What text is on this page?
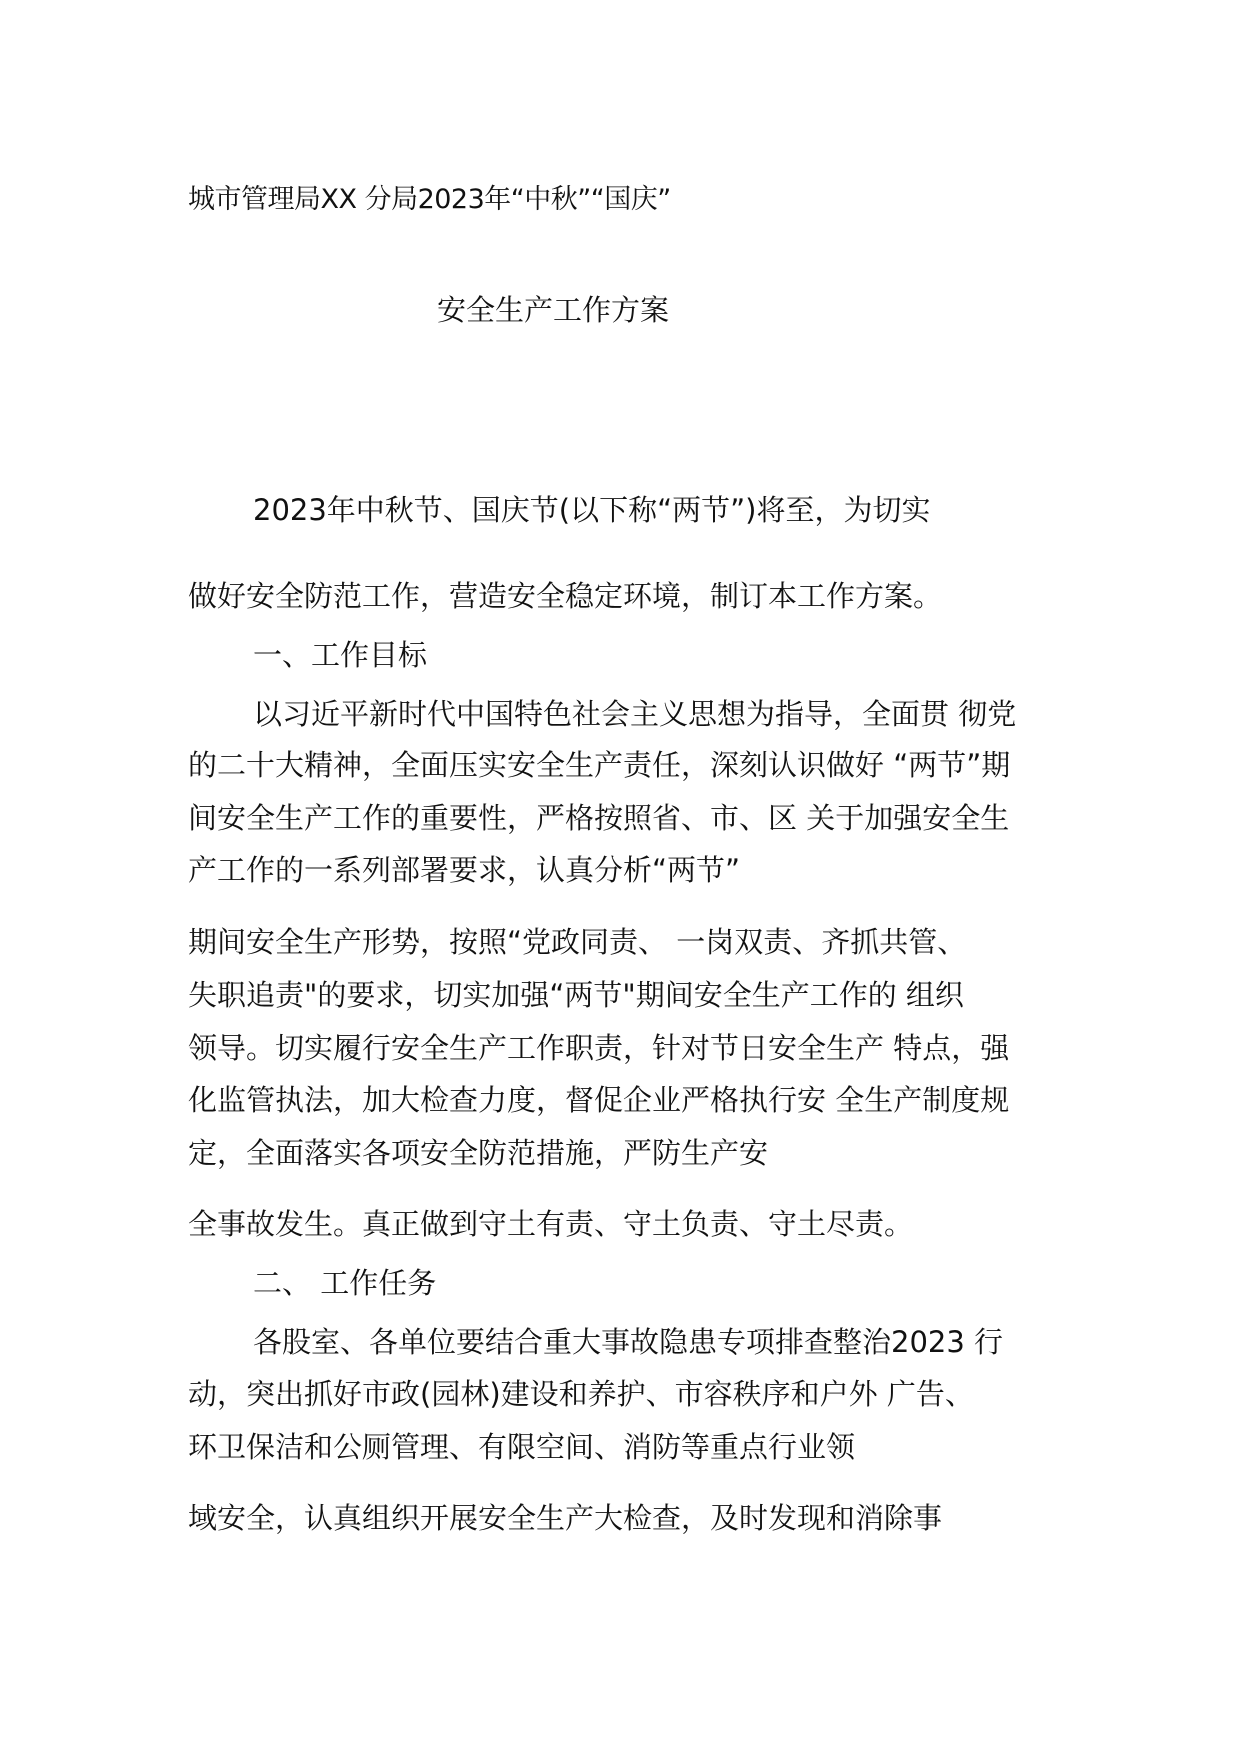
城市管理局XX 分局2023年“中秋”“国庆”
安全生产工作方案
2023年中秋节、国庆节(以下称“两节”)将至，为切实
做好安全防范工作，营造安全稳定环境，制订本工作方案。
一、工作目标
以习近平新时代中国特色社会主义思想为指导，全面贯 彻党
的二十大精神，全面压实安全生产责任，深刻认识做好 “两节”期
间安全生产工作的重要性，严格按照省、市、区 关于加强安全生
产工作的一系列部署要求，认真分析“两节”
期间安全生产形势，按照“党政同责、 一岗双责、齐抓共管、
失职追责"的要求，切实加强“两节"期间安全生产工作的 组织
领导。切实履行安全生产工作职责，针对节日安全生产 特点，强
化监管执法，加大检查力度，督促企业严格执行安 全生产制度规
定，全面落实各项安全防范措施，严防生产安
全事故发生。真正做到守土有责、守土负责、守土尽责。
二、 工作任务
各股室、各单位要结合重大事故隐患专项排查整治2023 行
动，突出抓好市政(园林)建设和养护、市容秩序和户外 广告、
环卫保洁和公厕管理、有限空间、消防等重点行业领
域安全，认真组织开展安全生产大检查，及时发现和消除事
